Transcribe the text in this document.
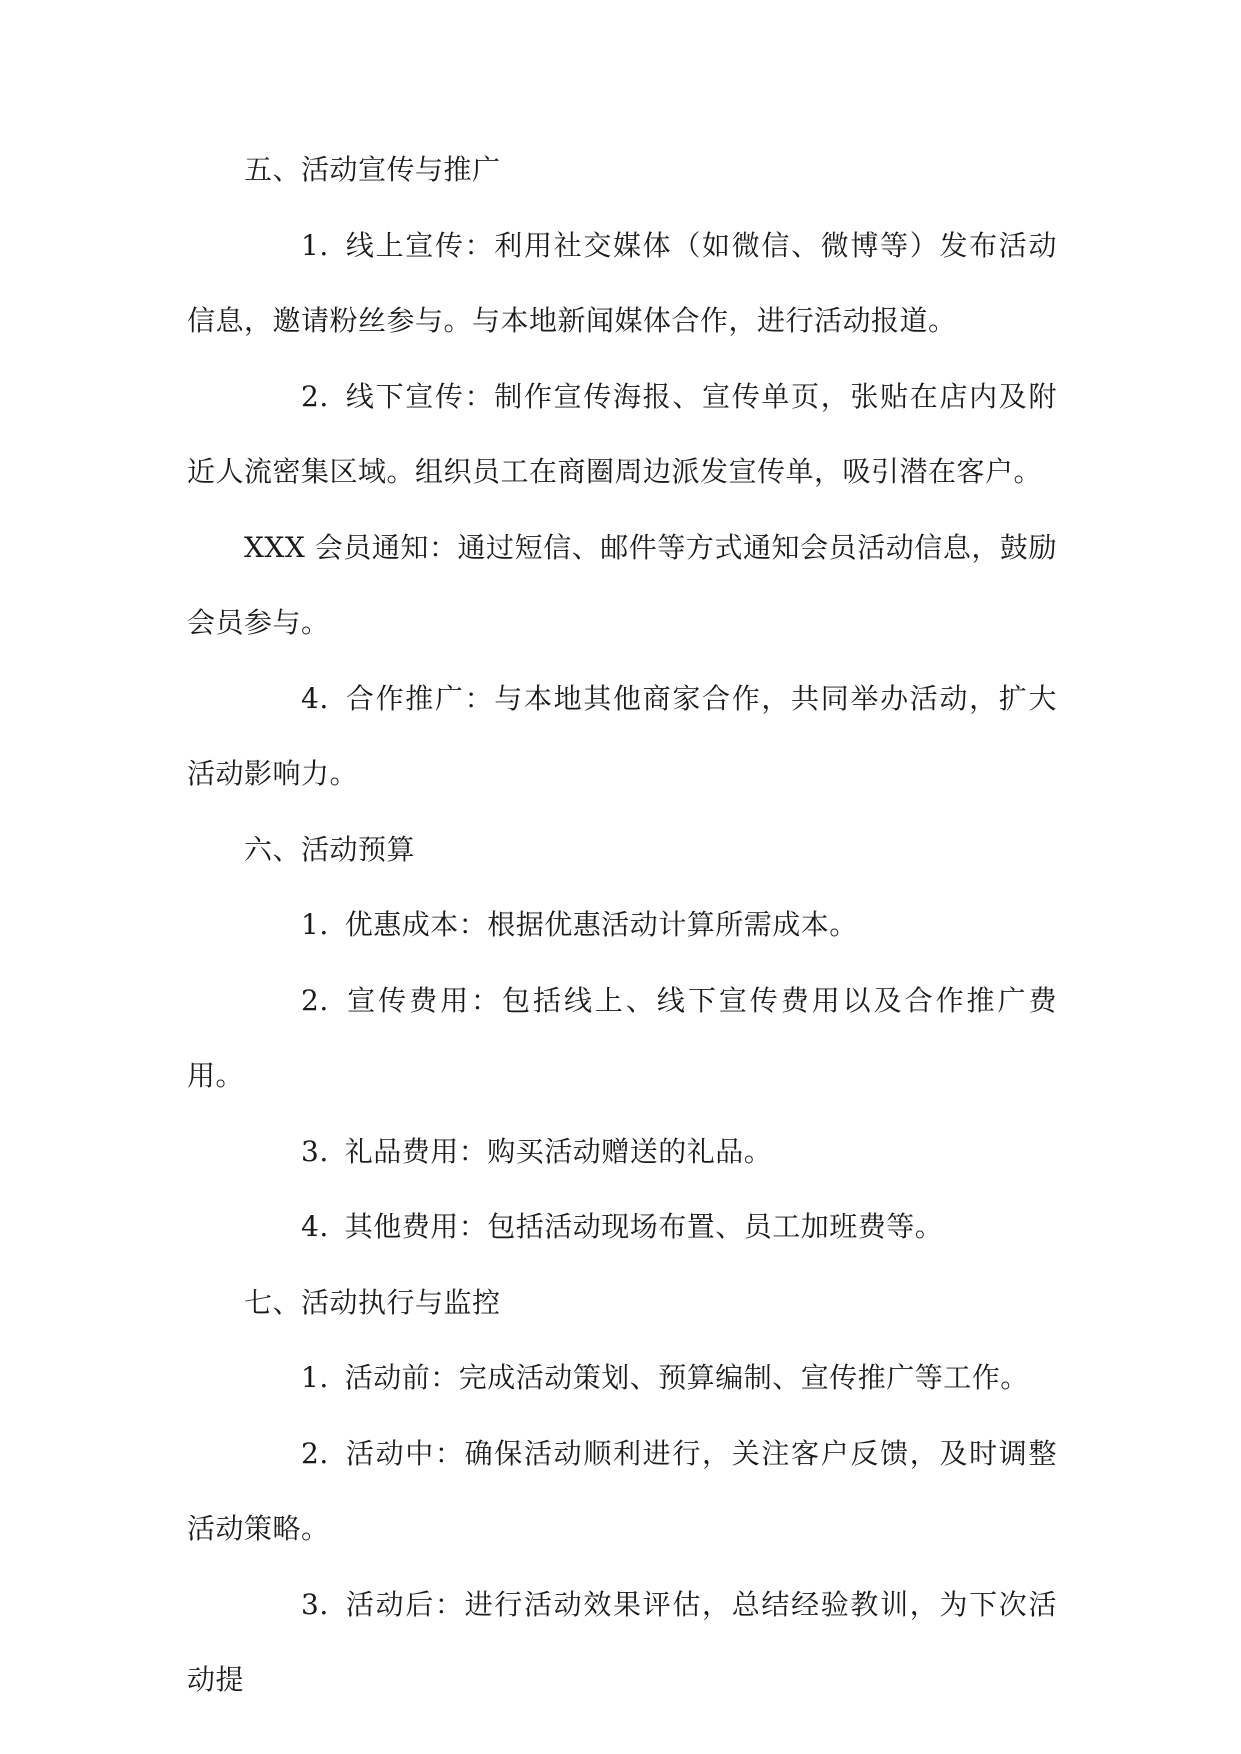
五、活动宣传与推广

1. 线上宣传：利用社交媒体（如微信、微博等）发布活动信息，邀请粉丝参与。与本地新闻媒体合作，进行活动报道。

2. 线下宣传：制作宣传海报、宣传单页，张贴在店内及附近人流密集区域。组织员工在商圈周边派发宣传单，吸引潜在客户。

XXX 会员通知：通过短信、邮件等方式通知会员活动信息，鼓励会员参与。

4. 合作推广：与本地其他商家合作，共同举办活动，扩大活动影响力。

六、活动预算

1. 优惠成本：根据优惠活动计算所需成本。

2. 宣传费用：包括线上、线下宣传费用以及合作推广费用。

3. 礼品费用：购买活动赠送的礼品。

4. 其他费用：包括活动现场布置、员工加班费等。

七、活动执行与监控

1. 活动前：完成活动策划、预算编制、宣传推广等工作。

2. 活动中：确保活动顺利进行，关注客户反馈，及时调整活动策略。

3. 活动后：进行活动效果评估，总结经验教训，为下次活动提
